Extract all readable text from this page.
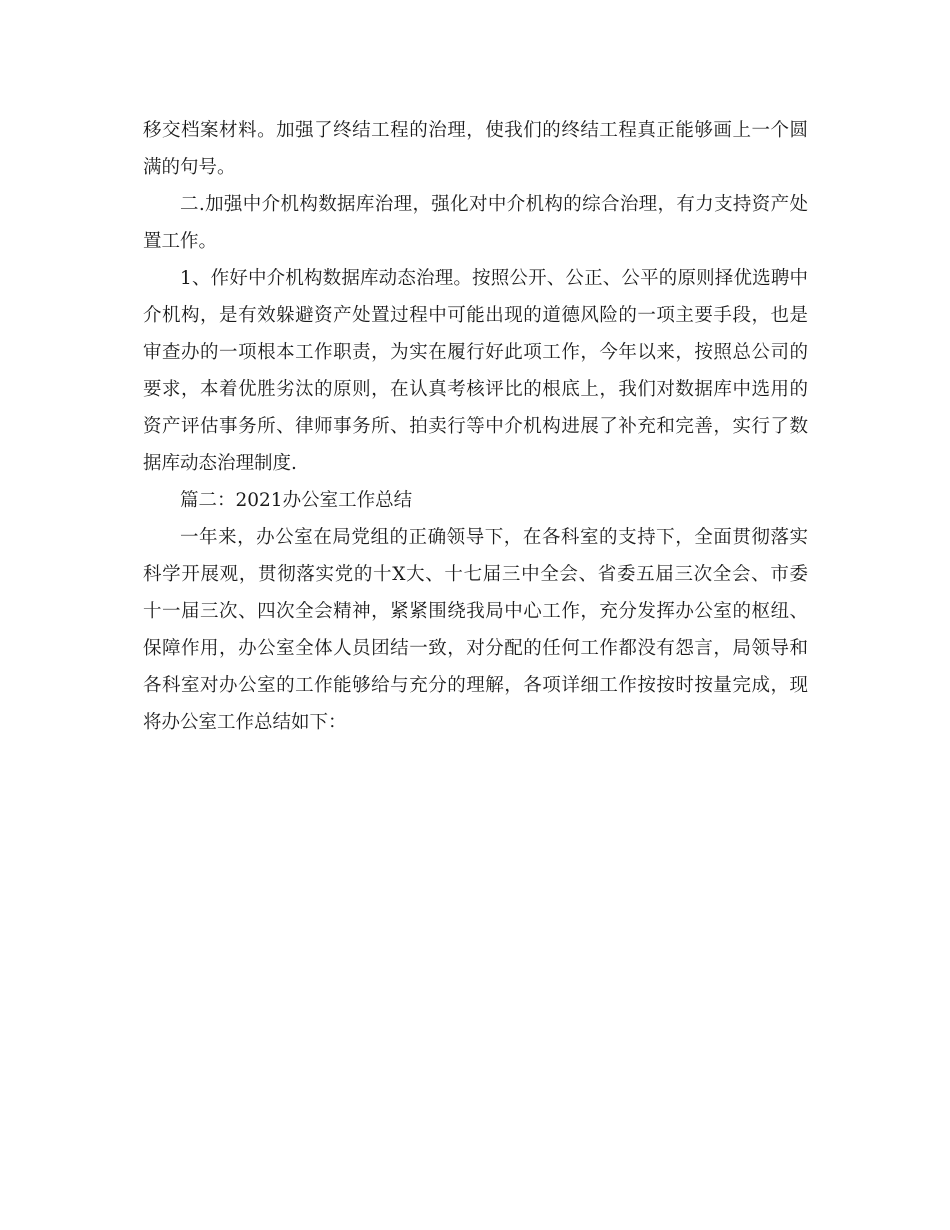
移交档案材料。加强了终结工程的治理，使我们的终结工程真正能够画上一个圆
满的句号。
二.加强中介机构数据库治理，强化对中介机构的综合治理，有力支持资产处
置工作。
1、作好中介机构数据库动态治理。按照公开、公正、公平的原则择优选聘中
介机构，是有效躲避资产处置过程中可能出现的道德风险的一项主要手段，也是
审查办的一项根本工作职责，为实在履行好此项工作，今年以来，按照总公司的
要求，本着优胜劣汰的原则，在认真考核评比的根底上，我们对数据库中选用的
资产评估事务所、律师事务所、拍卖行等中介机构进展了补充和完善，实行了数
据库动态治理制度.
篇二：2021办公室工作总结
一年来，办公室在局党组的正确领导下，在各科室的支持下，全面贯彻落实
科学开展观，贯彻落实党的十X大、十七届三中全会、省委五届三次全会、市委
十一届三次、四次全会精神，紧紧围绕我局中心工作，充分发挥办公室的枢纽、
保障作用，办公室全体人员团结一致，对分配的任何工作都没有怨言，局领导和
各科室对办公室的工作能够给与充分的理解，各项详细工作按按时按量完成，现
将办公室工作总结如下：
